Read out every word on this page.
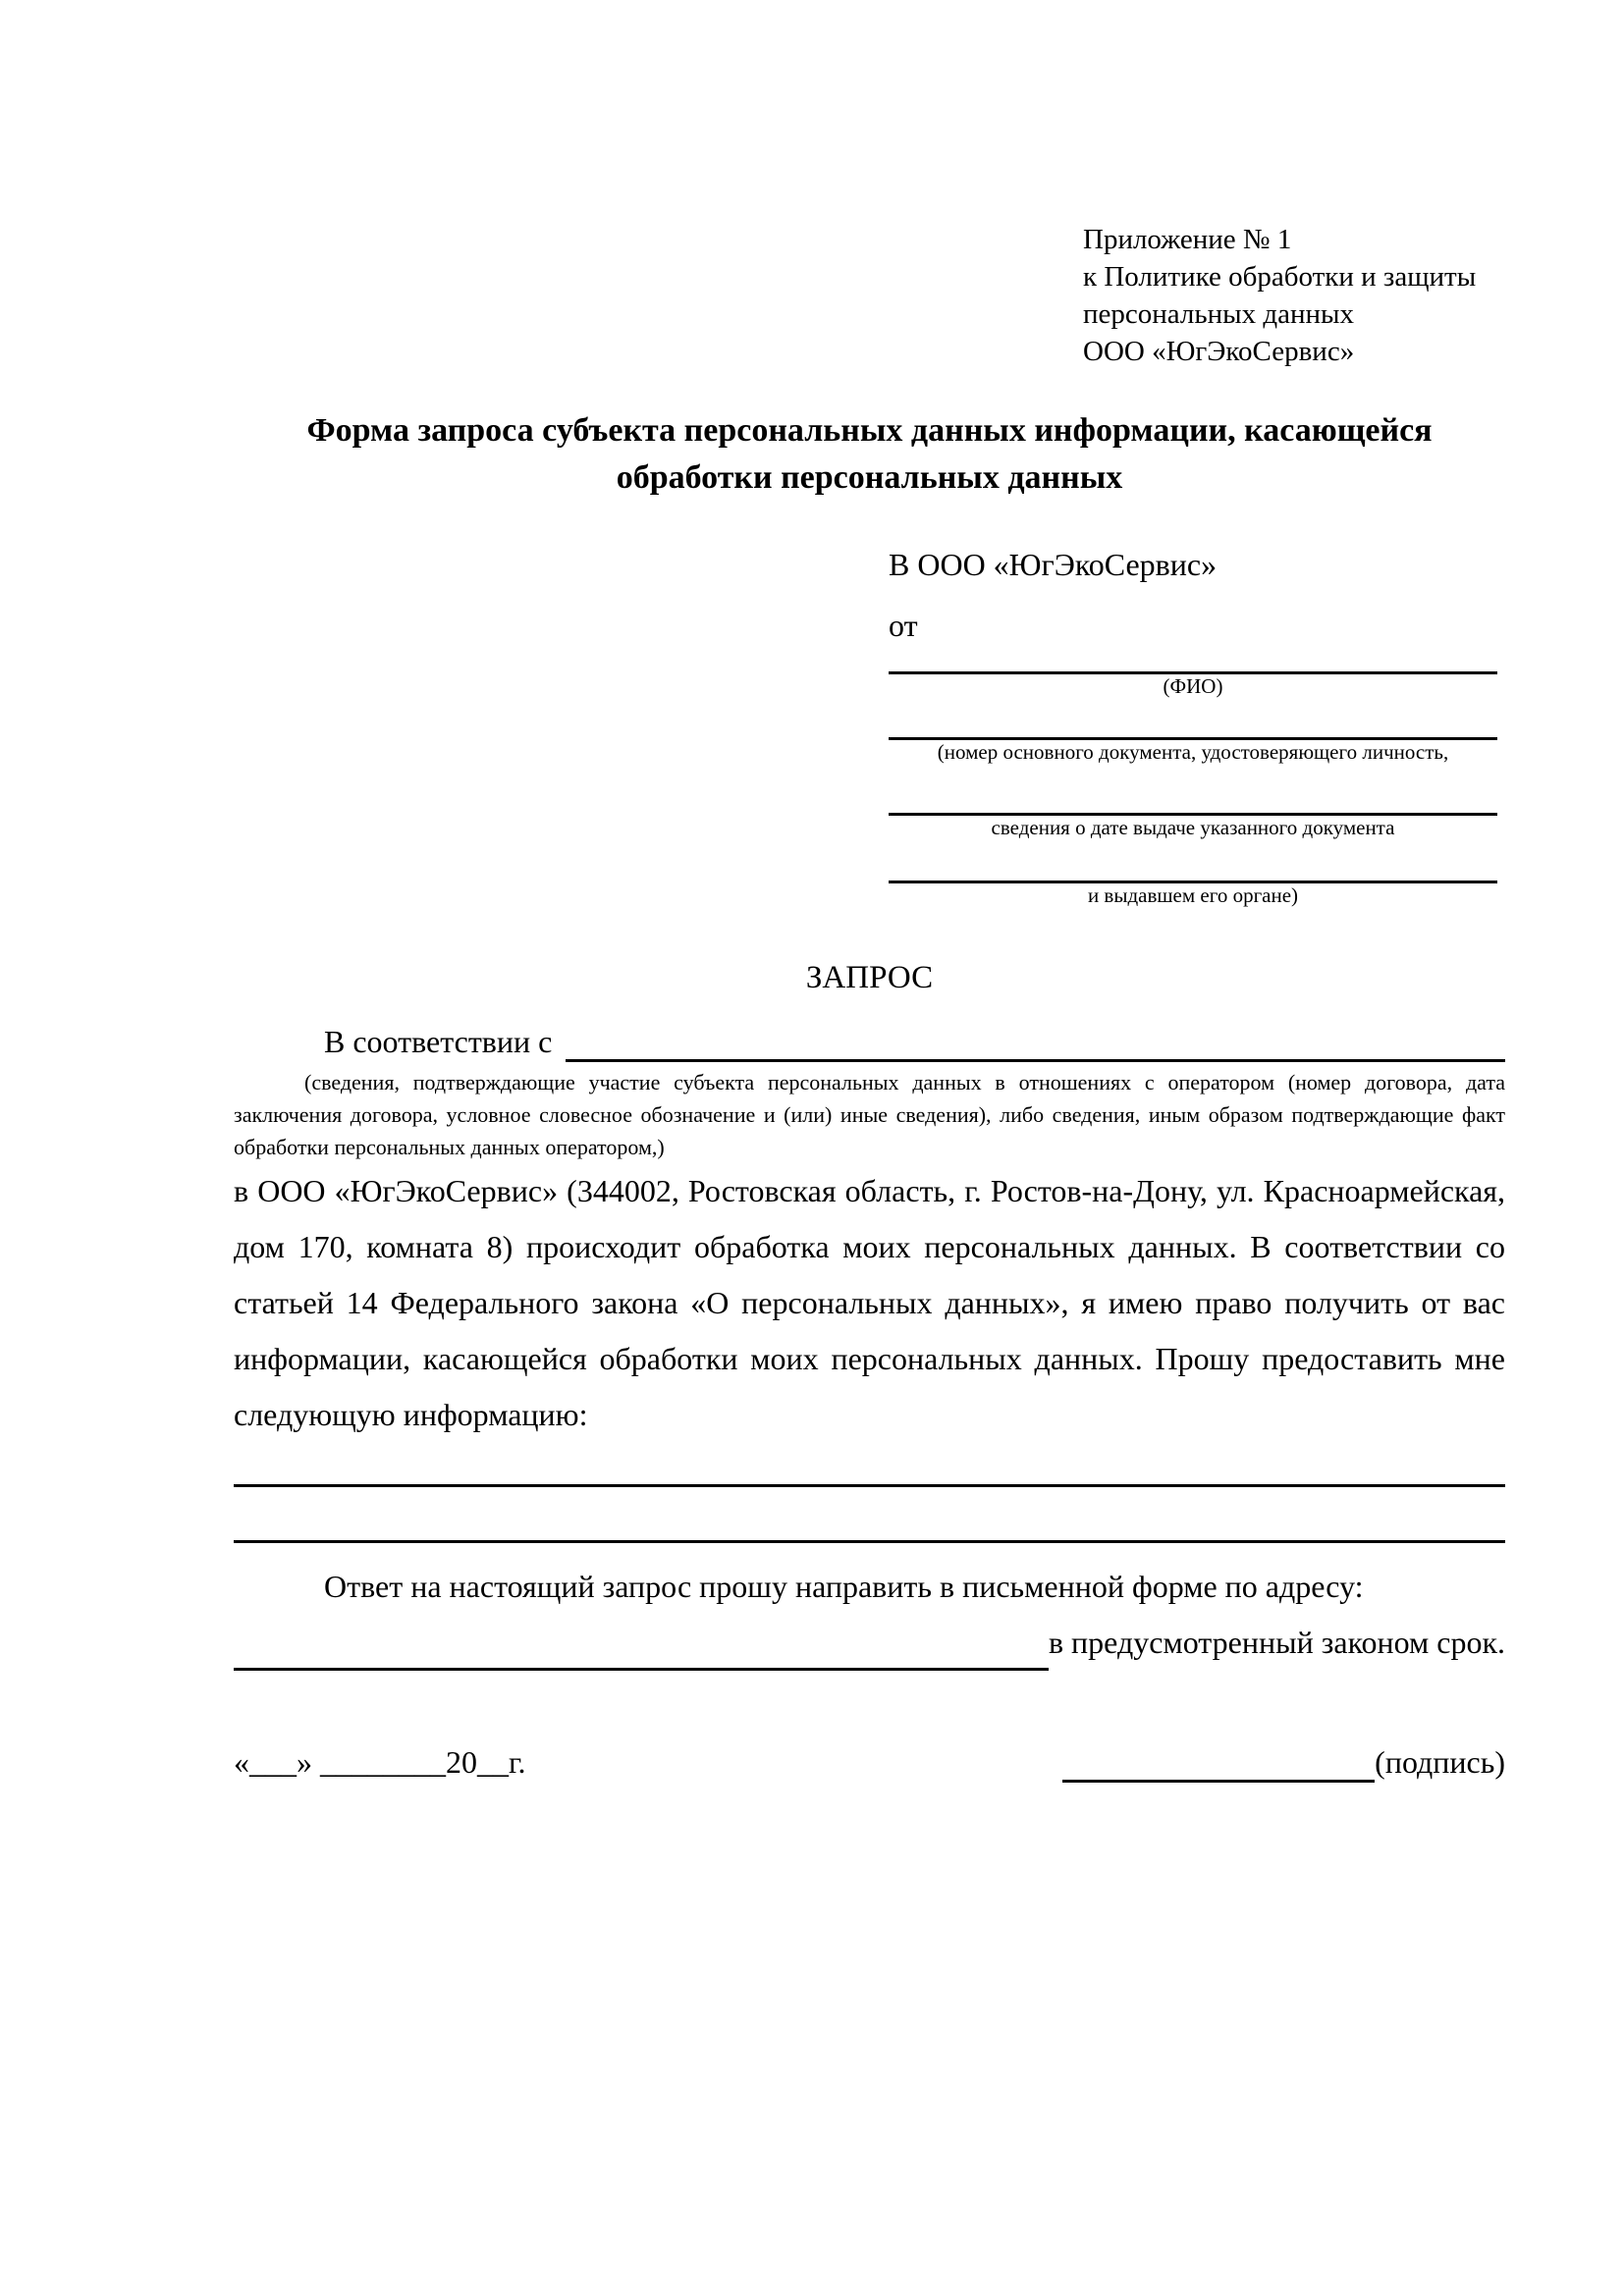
Приложение № 1
к Политике обработки и защиты
персональных данных
ООО «ЮгЭкоСервис»
Форма запроса субъекта персональных данных информации, касающейся обработки персональных данных
В ООО «ЮгЭкоСервис»
от
(ФИО)
(номер основного документа, удостоверяющего личность,
сведения о дате выдаче указанного документа
и выдавшем его органе)
ЗАПРОС
В соответствии с
(сведения, подтверждающие участие субъекта персональных данных в отношениях с оператором (номер договора, дата заключения договора, условное словесное обозначение и (или) иные сведения), либо сведения, иным образом подтверждающие факт обработки персональных данных оператором,)
в ООО «ЮгЭкоСервис» (344002, Ростовская область, г. Ростов-на-Дону, ул. Красноармейская, дом 170, комната 8) происходит обработка моих персональных данных. В соответствии со статьей 14 Федерального закона «О персональных данных», я имею право получить от вас информации, касающейся обработки моих персональных данных. Прошу предоставить мне следующую информацию:
Ответ на настоящий запрос прошу направить в письменной форме по адресу:
в предусмотренный законом срок.
«___» ________20__г.	(подпись)
